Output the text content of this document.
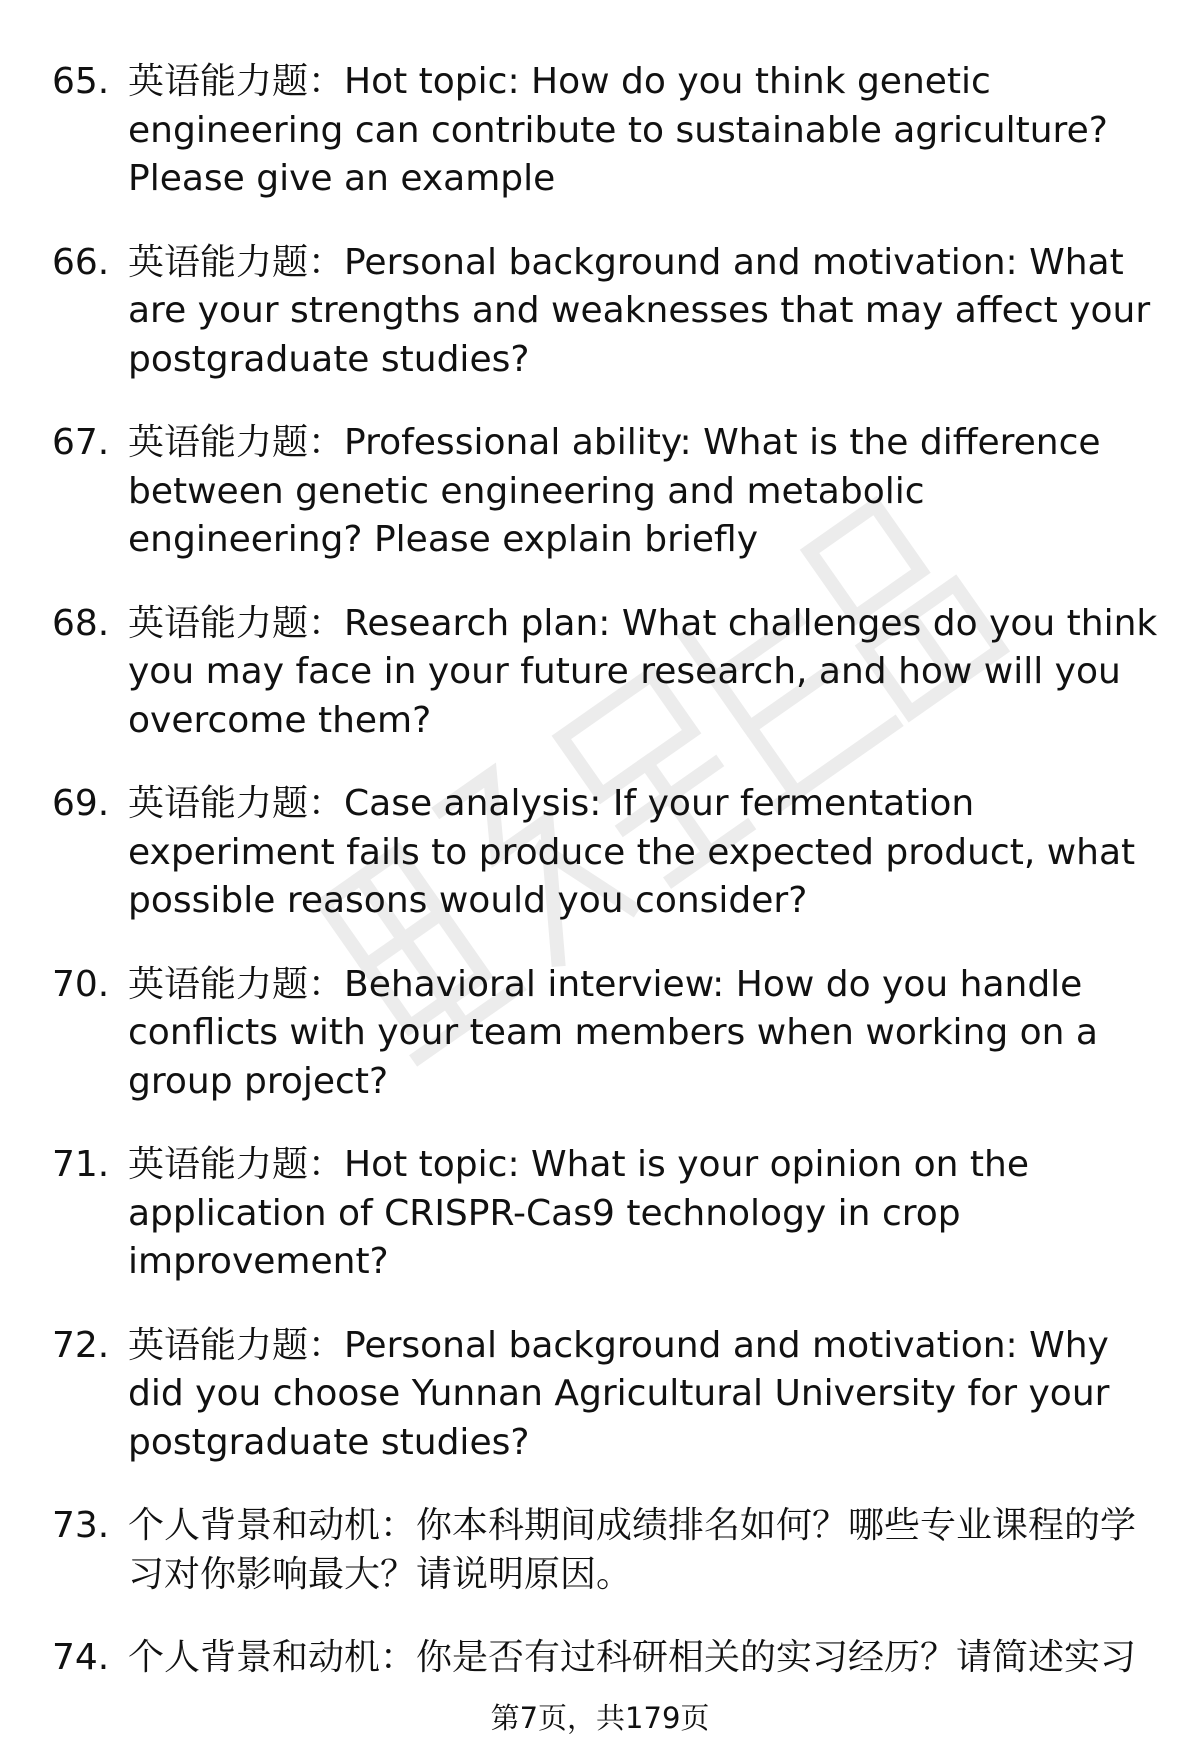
65. 英语能力题：Hot topic: How do you think genetic engineering can contribute to sustainable agriculture? Please give an example
66. 英语能力题：Personal background and motivation: What are your strengths and weaknesses that may affect your postgraduate studies?
67. 英语能力题：Professional ability: What is the difference between genetic engineering and metabolic engineering? Please explain briefly
68. 英语能力题：Research plan: What challenges do you think you may face in your future research, and how will you overcome them?
69. 英语能力题：Case analysis: If your fermentation experiment fails to produce the expected product, what possible reasons would you consider?
70. 英语能力题：Behavioral interview: How do you handle conflicts with your team members when working on a group project?
71. 英语能力题：Hot topic: What is your opinion on the application of CRISPR-Cas9 technology in crop improvement?
72. 英语能力题：Personal background and motivation: Why did you choose Yunnan Agricultural University for your postgraduate studies?
73. 个人背景和动机：你本科期间成绩排名如何？哪些专业课程的学习对你影响最大？请说明原因。
74. 个人背景和动机：你是否有过科研相关的实习经历？请简述实习
第7页，共179页
